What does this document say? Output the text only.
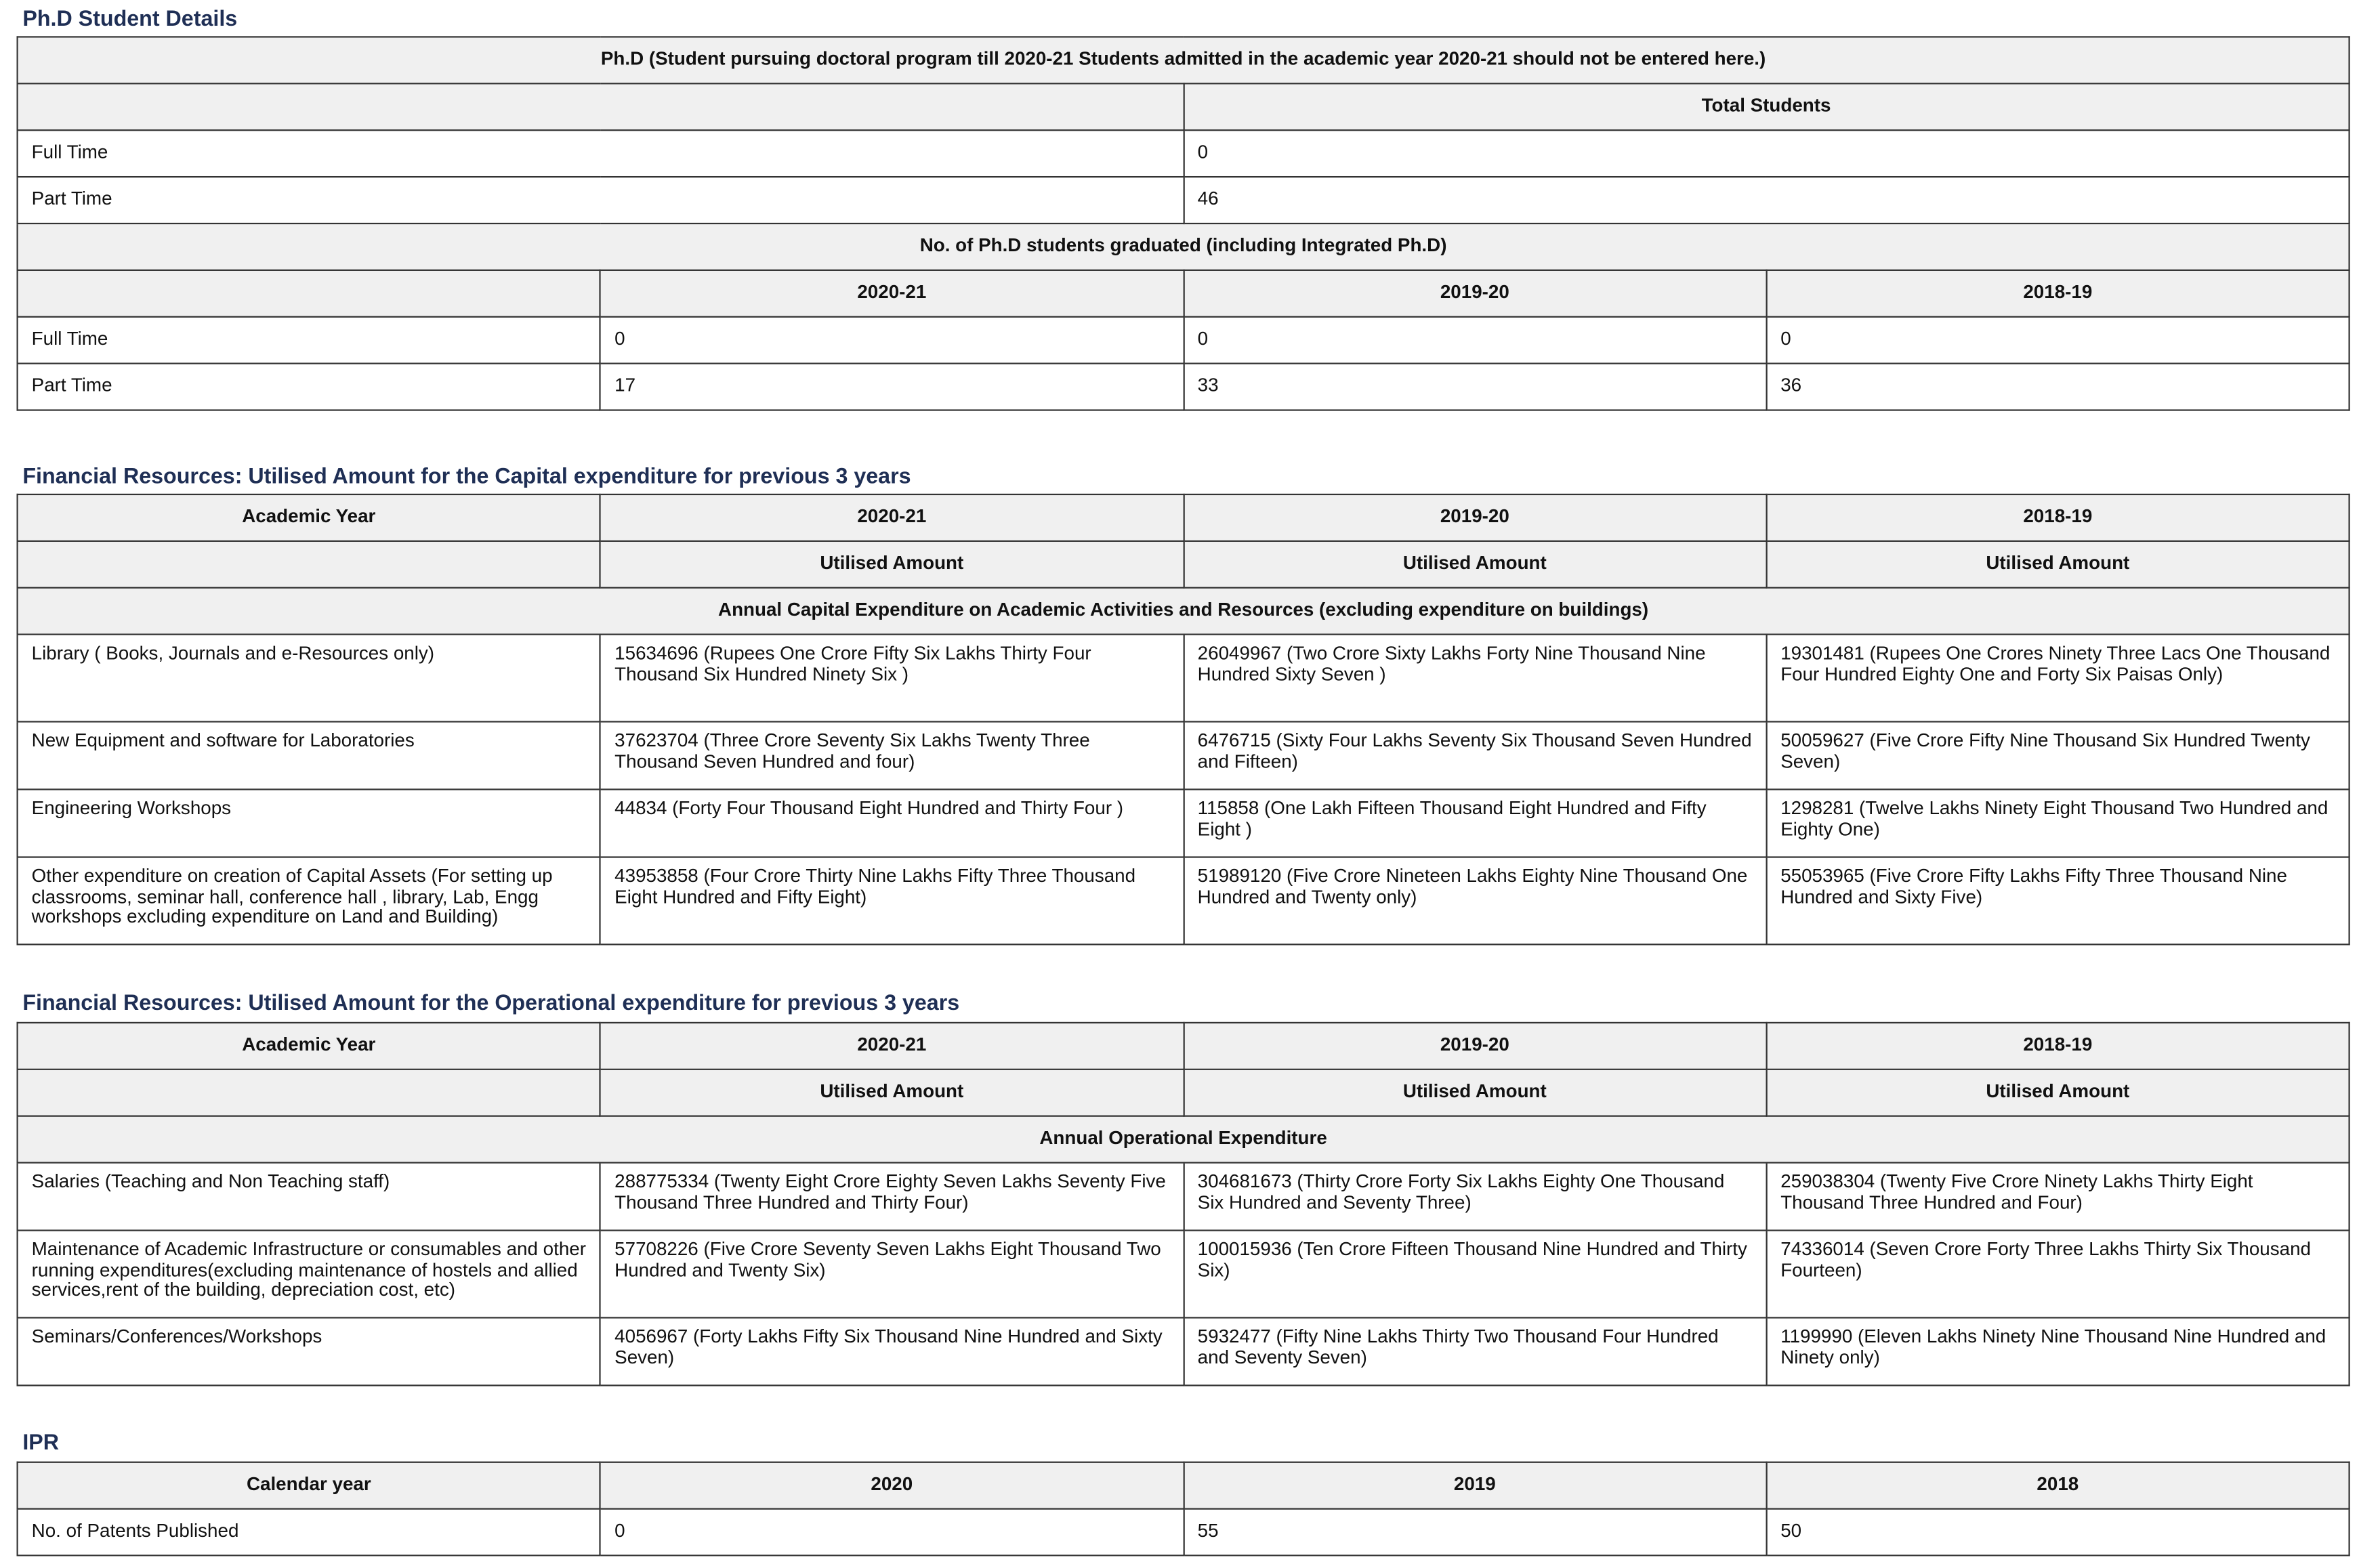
Ph.D Student Details
Ph.D (Student pursuing doctoral program till 2020-21 Students admitted in the academic year 2020-21 should not be entered here.)			
		Total Students	
Full Time		0	
Part Time		46	
No. of Ph.D students graduated (including Integrated Ph.D)			
	2020-21	2019-20	2018-19
Full Time	0	0	0
Part Time	17	33	36
Financial Resources: Utilised Amount for the Capital expenditure for previous 3 years
Academic Year	2020-21	2019-20	2018-19
	Utilised Amount	Utilised Amount	Utilised Amount
Annual Capital Expenditure on Academic Activities and Resources (excluding expenditure on buildings)			
Library ( Books, Journals and e-Resources only)	15634696 (Rupees One Crore Fifty Six Lakhs Thirty Four Thousand Six Hundred Ninety Six )	26049967 (Two Crore Sixty Lakhs Forty Nine Thousand Nine Hundred Sixty Seven )	19301481 (Rupees One Crores Ninety Three Lacs One Thousand Four Hundred Eighty One and Forty Six Paisas Only)
New Equipment and software for Laboratories	37623704 (Three Crore Seventy Six Lakhs Twenty Three Thousand Seven Hundred and four)	6476715 (Sixty Four Lakhs Seventy Six Thousand Seven Hundred and Fifteen)	50059627 (Five Crore Fifty Nine Thousand Six Hundred Twenty Seven)
Engineering Workshops	44834 (Forty Four Thousand Eight Hundred and Thirty Four )	115858 (One Lakh Fifteen Thousand Eight Hundred and Fifty Eight )	1298281 (Twelve Lakhs Ninety Eight Thousand Two Hundred and Eighty One)
Other expenditure on creation of Capital Assets (For setting up classrooms, seminar hall, conference hall , library, Lab, Engg workshops excluding expenditure on Land and Building)	43953858 (Four Crore Thirty Nine Lakhs Fifty Three Thousand Eight Hundred and Fifty Eight)	51989120 (Five Crore Nineteen Lakhs Eighty Nine Thousand One Hundred and Twenty only)	55053965 (Five Crore Fifty Lakhs Fifty Three Thousand Nine Hundred and Sixty Five)
Financial Resources: Utilised Amount for the Operational expenditure for previous 3 years
Academic Year	2020-21	2019-20	2018-19
	Utilised Amount	Utilised Amount	Utilised Amount
Annual Operational Expenditure			
Salaries (Teaching and Non Teaching staff)	288775334 (Twenty Eight Crore Eighty Seven Lakhs Seventy Five Thousand Three Hundred and Thirty Four)	304681673 (Thirty Crore Forty Six Lakhs Eighty One Thousand Six Hundred and Seventy Three)	259038304 (Twenty Five Crore Ninety Lakhs Thirty Eight Thousand Three Hundred and Four)
Maintenance of Academic Infrastructure or consumables and other running expenditures(excluding maintenance of hostels and allied services,rent of the building, depreciation cost, etc)	57708226 (Five Crore Seventy Seven Lakhs Eight Thousand Two Hundred and Twenty Six)	100015936 (Ten Crore Fifteen Thousand Nine Hundred and Thirty Six)	74336014 (Seven Crore Forty Three Lakhs Thirty Six Thousand Fourteen)
Seminars/Conferences/Workshops	4056967 (Forty Lakhs Fifty Six Thousand Nine Hundred and Sixty Seven)	5932477 (Fifty Nine Lakhs Thirty Two Thousand Four Hundred and Seventy Seven)	1199990 (Eleven Lakhs Ninety Nine Thousand Nine Hundred and Ninety only)
IPR
Calendar year	2020	2019	2018
No. of Patents Published	0	55	50
